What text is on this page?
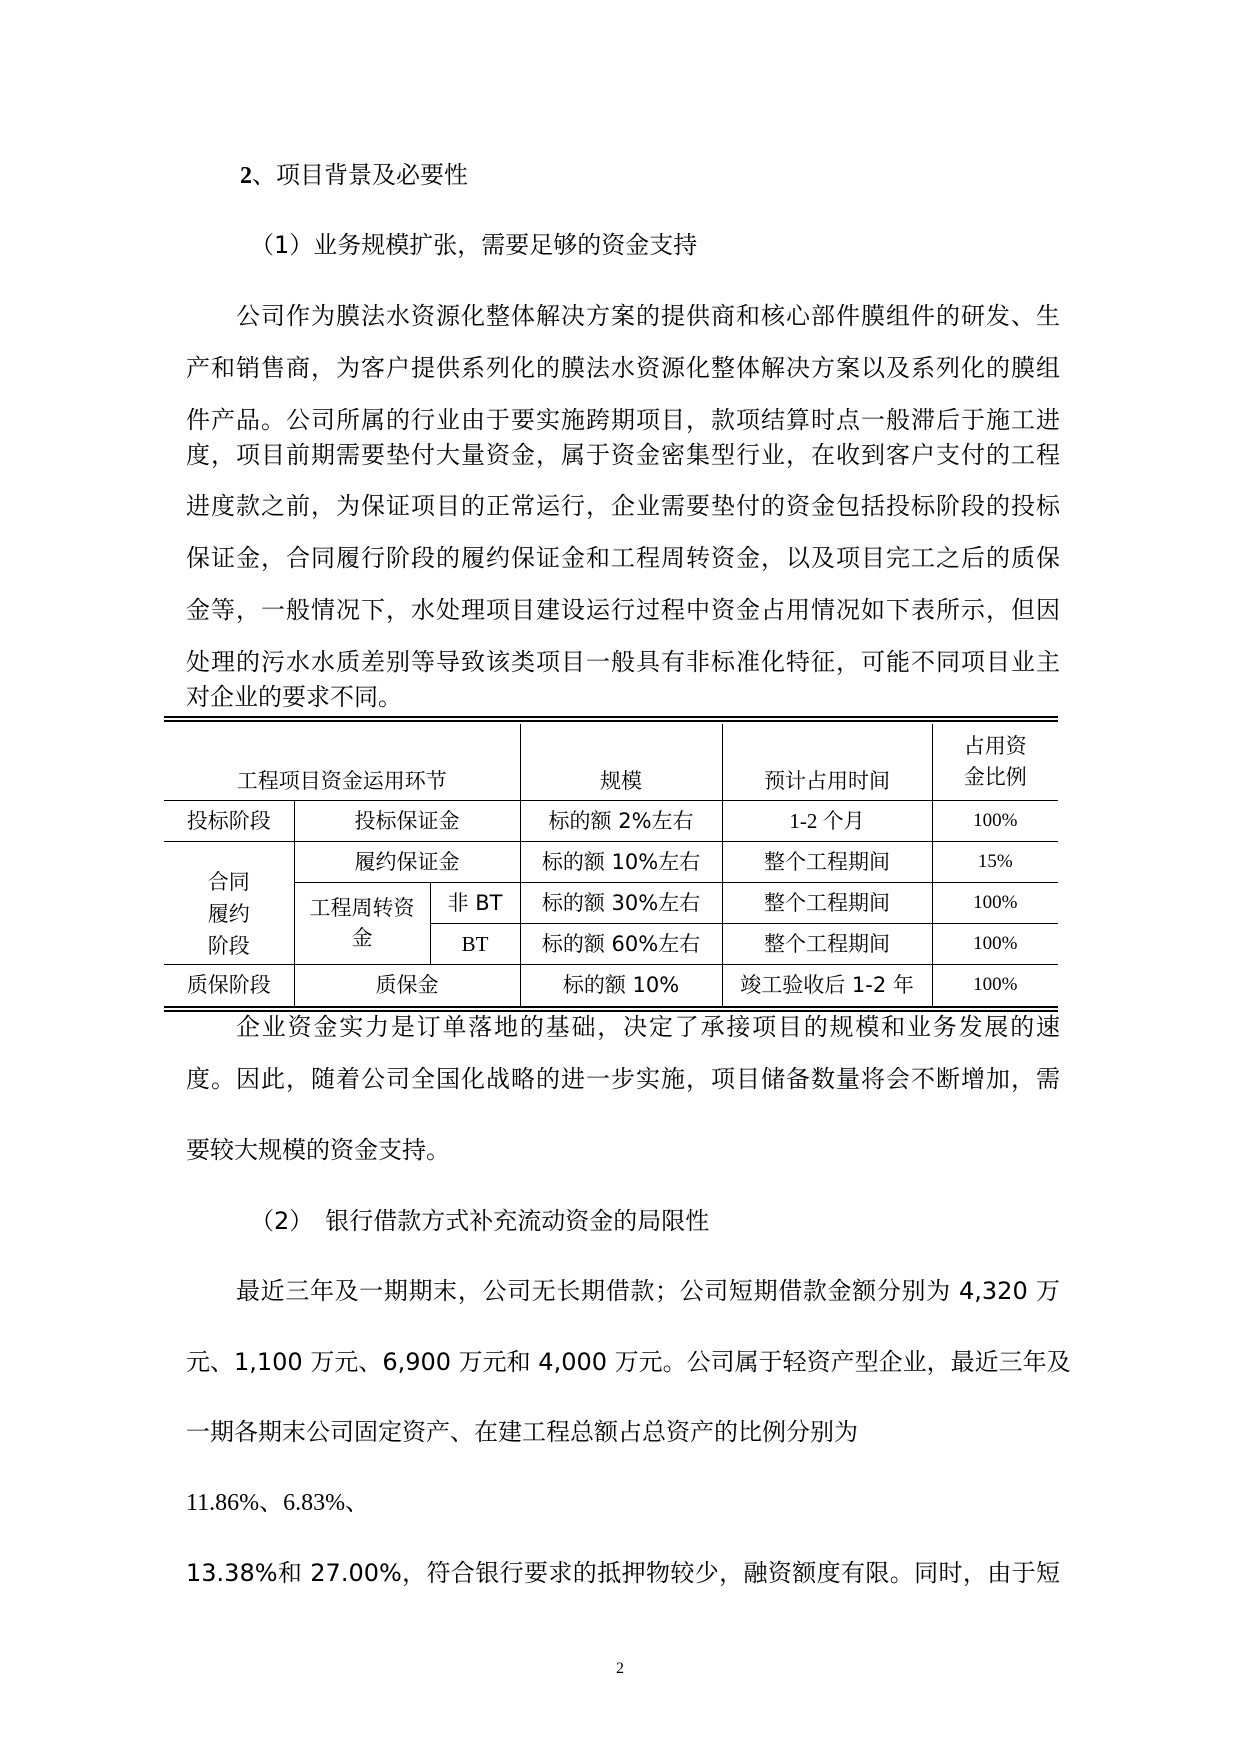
2、项目背景及必要性
（1）业务规模扩张，需要足够的资金支持
公司作为膜法水资源化整体解决方案的提供商和核心部件膜组件的研发、生
产和销售商，为客户提供系列化的膜法水资源化整体解决方案以及系列化的膜组
件产品。公司所属的行业由于要实施跨期项目，款项结算时点一般滞后于施工进
度，项目前期需要垫付大量资金，属于资金密集型行业，在收到客户支付的工程
进度款之前，为保证项目的正常运行，企业需要垫付的资金包括投标阶段的投标
保证金，合同履行阶段的履约保证金和工程周转资金，以及项目完工之后的质保
金等，一般情况下，水处理项目建设运行过程中资金占用情况如下表所示，但因
处理的污水水质差别等导致该类项目一般具有非标准化特征，可能不同项目业主
对企业的要求不同。
工程项目资金运用环节			规模	预计占用时间	占用资金比例

投标阶段	投标保证金		标的额 2%左右	1-2 个月	100%

合同履约阶段	履约保证金		标的额 10%左右	整个工程期间	15%

	工程周转资金	非 BT	标的额 30%左右	整个工程期间	100%
		BT	标的额 60%左右	整个工程期间	100%
质保阶段	质保金		标的额 10%	竣工验收后 1-2 年	100%
企业资金实力是订单落地的基础，决定了承接项目的规模和业务发展的速
度。因此，随着公司全国化战略的进一步实施，项目储备数量将会不断增加，需
要较大规模的资金支持。
（2）　银行借款方式补充流动资金的局限性
最近三年及一期期末，公司无长期借款；公司短期借款金额分别为 4,320 万
元、1,100 万元、6,900 万元和 4,000 万元。公司属于轻资产型企业，最近三年及
一期各期末公司固定资产、在建工程总额占总资产的比例分别为
11.86%、6.83%、
13.38%和 27.00%，符合银行要求的抵押物较少，融资额度有限。同时，由于短
2
